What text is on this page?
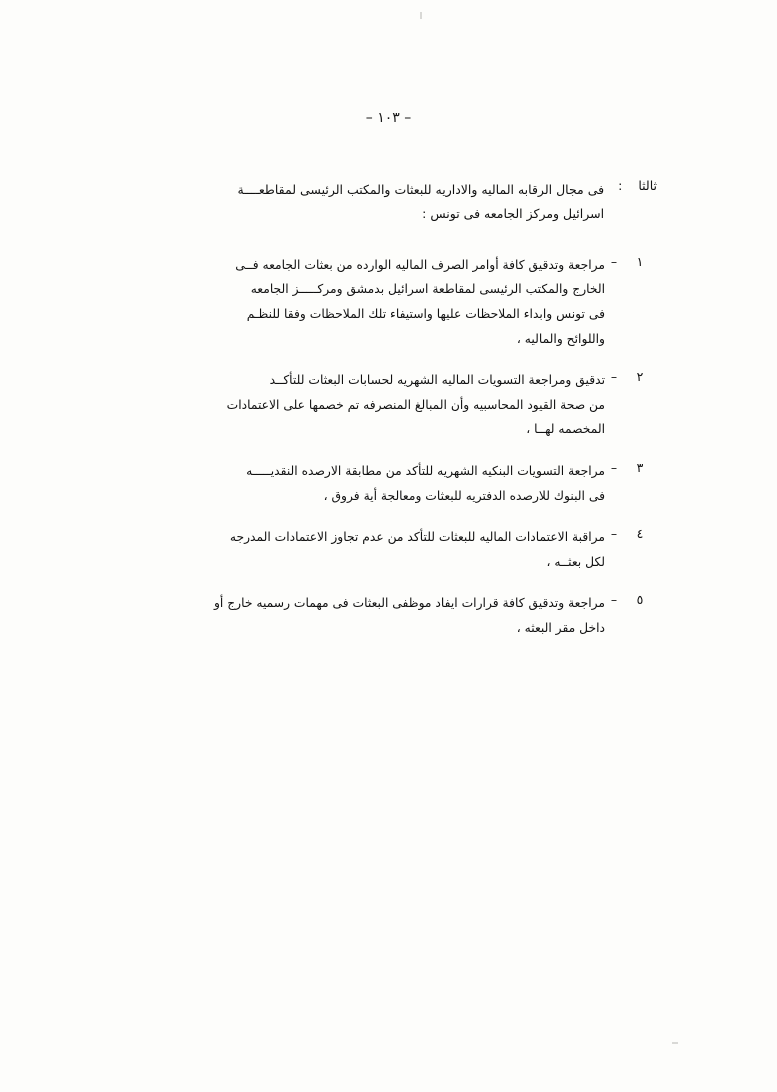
– ١٠٣ –
ثالثا
:
فى مجال الرقابه الماليه والاداريه للبعثات والمكتب الرئيسى لمقاطعــــة
اسرائيل ومركز الجامعه فى تونس :
١
–
مراجعة وتدقيق كافة أوامر الصرف الماليه الوارده من بعثات الجامعه فــى
الخارج والمكتب الرئيسى لمقاطعة اسرائيل بدمشق ومركـــــز الجامعه
فى تونس وابداء الملاحظات عليها واستيفاء تلك الملاحظات وفقا للنظـم
واللوائح والماليه ،
٢
–
تدقيق ومراجعة التسويات الماليه الشهريه لحسابات البعثات للتأكــد
من صحة القيود المحاسبيه وأن المبالغ المنصرفه تم خصمها على الاعتمادات
المخصمه لهــا ،
٣
–
مراجعة التسويات البنكيه الشهريه للتأكد من مطابقة الارصده النقديـــــه
فى البنوك للارصده الدفتريه للبعثات ومعالجة أية فروق ،
٤
–
مراقبة الاعتمادات الماليه للبعثات للتأكد من عدم تجاوز الاعتمادات المدرجه
لكل بعثــه ،
٥
–
مراجعة وتدقيق كافة قرارات ايفاد موظفى البعثات فى مهمات رسميه خارج أو
داخل مقر البعثه ،
